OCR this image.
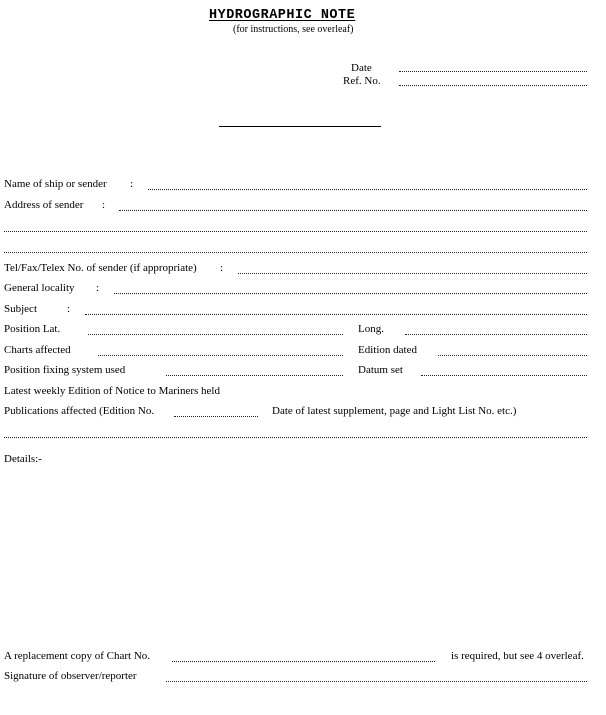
HYDROGRAPHIC NOTE
(for instructions, see overleaf)
Date
Ref. No.
Name of ship or sender :
Address of sender :
Tel/Fax/Telex No. of sender (if appropriate) :
General locality :
Subject	:
Position Lat.	Long.
Charts affected	Edition dated
Position fixing system used	Datum set
Latest weekly Edition of Notice to Mariners held
Publications affected (Edition No.	Date of latest supplement, page and Light List No. etc.)
Details:-
A replacement copy of Chart No.	is required, but see 4 overleaf.
Signature of observer/reporter
